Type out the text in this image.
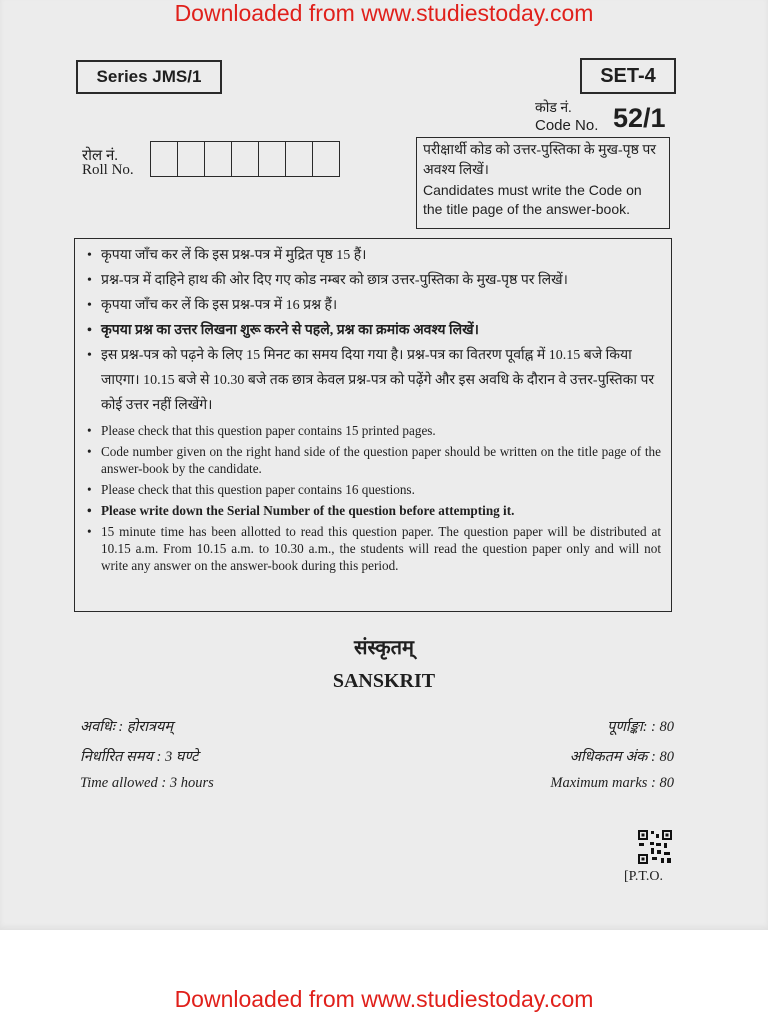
Downloaded from www.studiestoday.com
Series JMS/1	SET-4
कोड नं.
Code No. 52/1
रोल नं.
Roll No.
परीक्षार्थी कोड को उत्तर-पुस्तिका के मुख-पृष्ठ पर अवश्य लिखें।
Candidates must write the Code on the title page of the answer-book.
• कृपया जाँच कर लें कि इस प्रश्न-पत्र में मुद्रित पृष्ठ 15 हैं।
• प्रश्न-पत्र में दाहिने हाथ की ओर दिए गए कोड नम्बर को छात्र उत्तर-पुस्तिका के मुख-पृष्ठ पर लिखें।
• कृपया जाँच कर लें कि इस प्रश्न-पत्र में 16 प्रश्न हैं।
• कृपया प्रश्न का उत्तर लिखना शुरू करने से पहले, प्रश्न का क्रमांक अवश्य लिखें।
• इस प्रश्न-पत्र को पढ़ने के लिए 15 मिनट का समय दिया गया है। प्रश्न-पत्र का वितरण पूर्वाह्न में 10.15 बजे किया जाएगा। 10.15 बजे से 10.30 बजे तक छात्र केवल प्रश्न-पत्र को पढ़ेंगे और इस अवधि के दौरान वे उत्तर-पुस्तिका पर कोई उत्तर नहीं लिखेंगे।
• Please check that this question paper contains 15 printed pages.
• Code number given on the right hand side of the question paper should be written on the title page of the answer-book by the candidate.
• Please check that this question paper contains 16 questions.
• Please write down the Serial Number of the question before attempting it.
• 15 minute time has been allotted to read this question paper. The question paper will be distributed at 10.15 a.m. From 10.15 a.m. to 10.30 a.m., the students will read the question paper only and will not write any answer on the answer-book during this period.
संस्कृतम्
SANSKRIT
अवधिः : होरात्रयम्
निर्धारित समय : 3 घण्टे
Time allowed : 3 hours
पूर्णाङ्का: : 80
अधिकतम अंक : 80
Maximum marks : 80
[P.T.O.
Downloaded from www.studiestoday.com
